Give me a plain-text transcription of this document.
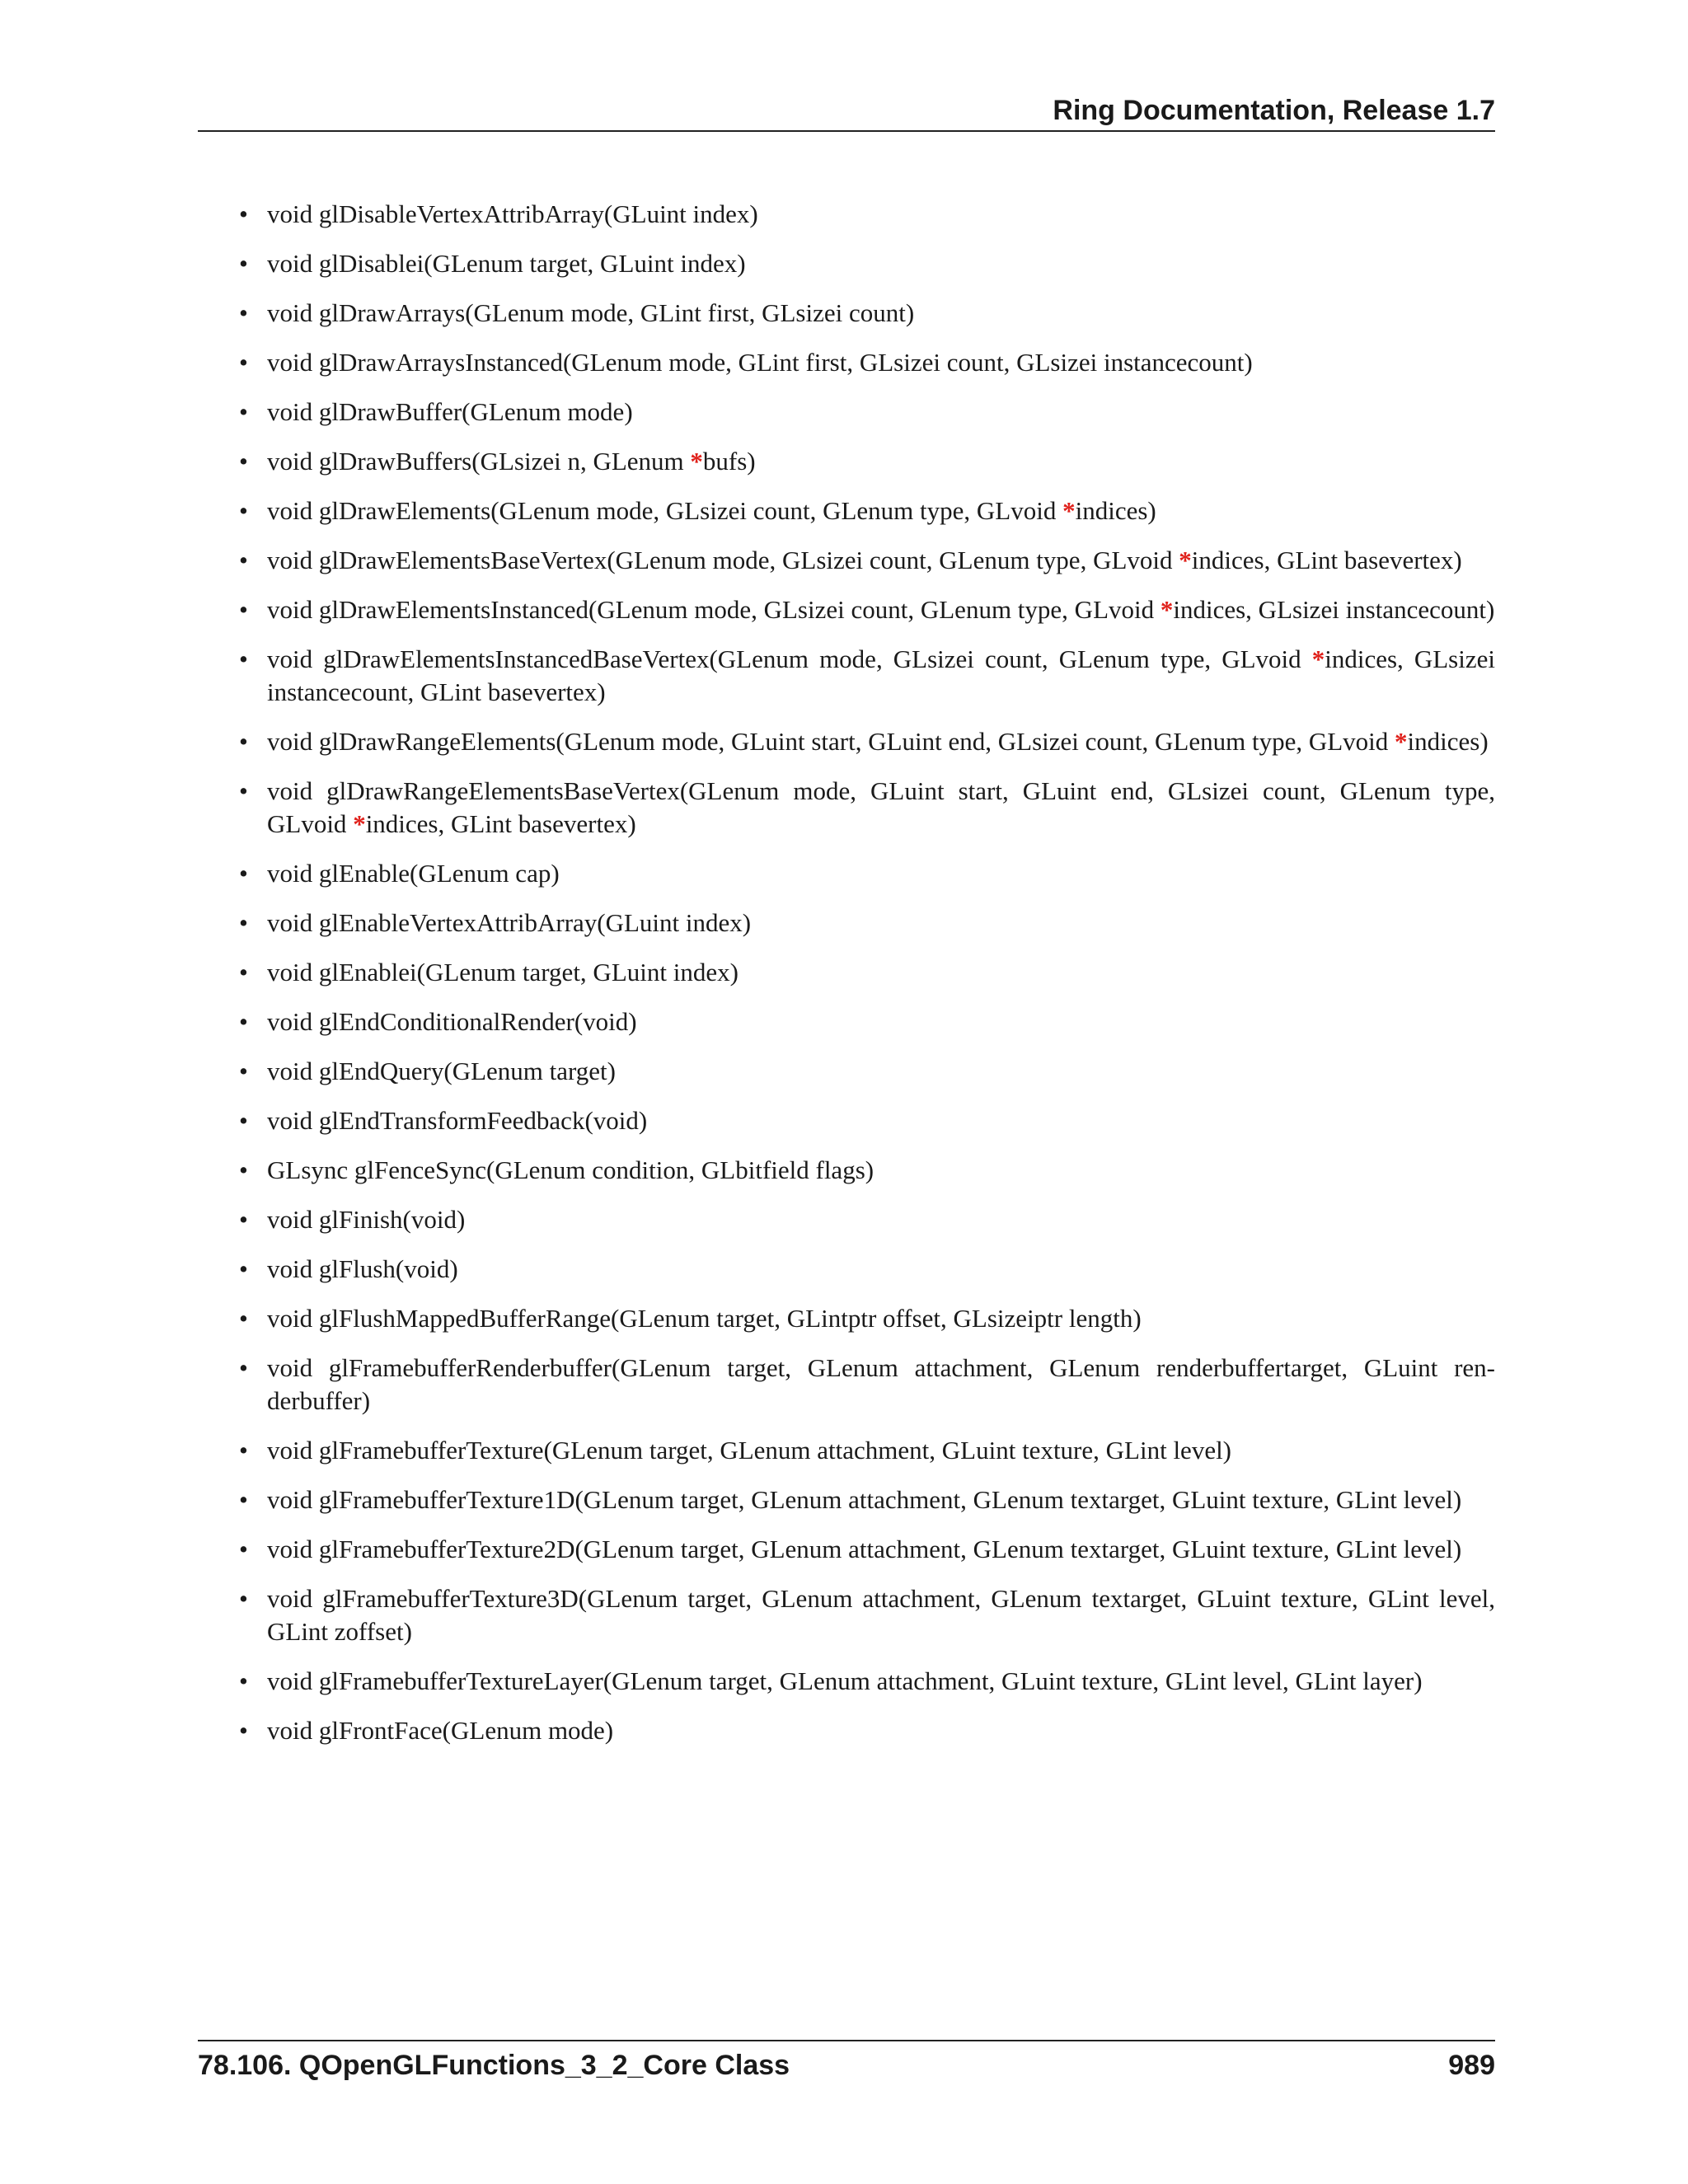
Ring Documentation, Release 1.7
• void glDisableVertexAttribArray(GLuint index)
• void glDisablei(GLenum target, GLuint index)
• void glDrawArrays(GLenum mode, GLint first, GLsizei count)
• void glDrawArraysInstanced(GLenum mode, GLint first, GLsizei count, GLsizei instancecount)
• void glDrawBuffer(GLenum mode)
• void glDrawBuffers(GLsizei n, GLenum *bufs)
• void glDrawElements(GLenum mode, GLsizei count, GLenum type, GLvoid *indices)
• void glDrawElementsBaseVertex(GLenum mode, GLsizei count, GLenum type, GLvoid *indices, GLint basevertex)
• void glDrawElementsInstanced(GLenum mode, GLsizei count, GLenum type, GLvoid *indices, GLsizei instancecount)
• void glDrawElementsInstancedBaseVertex(GLenum mode, GLsizei count, GLenum type, GLvoid *indices, GLsizei instancecount, GLint basevertex)
• void glDrawRangeElements(GLenum mode, GLuint start, GLuint end, GLsizei count, GLenum type, GLvoid *indices)
• void glDrawRangeElementsBaseVertex(GLenum mode, GLuint start, GLuint end, GLsizei count, GLenum type, GLvoid *indices, GLint basevertex)
• void glEnable(GLenum cap)
• void glEnableVertexAttribArray(GLuint index)
• void glEnablei(GLenum target, GLuint index)
• void glEndConditionalRender(void)
• void glEndQuery(GLenum target)
• void glEndTransformFeedback(void)
• GLsync glFenceSync(GLenum condition, GLbitfield flags)
• void glFinish(void)
• void glFlush(void)
• void glFlushMappedBufferRange(GLenum target, GLintptr offset, GLsizeiptr length)
• void glFramebufferRenderbuffer(GLenum target, GLenum attachment, GLenum renderbuffertarget, GLuint renderbuffer)
• void glFramebufferTexture(GLenum target, GLenum attachment, GLuint texture, GLint level)
• void glFramebufferTexture1D(GLenum target, GLenum attachment, GLenum textarget, GLuint texture, GLint level)
• void glFramebufferTexture2D(GLenum target, GLenum attachment, GLenum textarget, GLuint texture, GLint level)
• void glFramebufferTexture3D(GLenum target, GLenum attachment, GLenum textarget, GLuint texture, GLint level, GLint zoffset)
• void glFramebufferTextureLayer(GLenum target, GLenum attachment, GLuint texture, GLint level, GLint layer)
• void glFrontFace(GLenum mode)
78.106. QOpenGLFunctions_3_2_Core Class	989
